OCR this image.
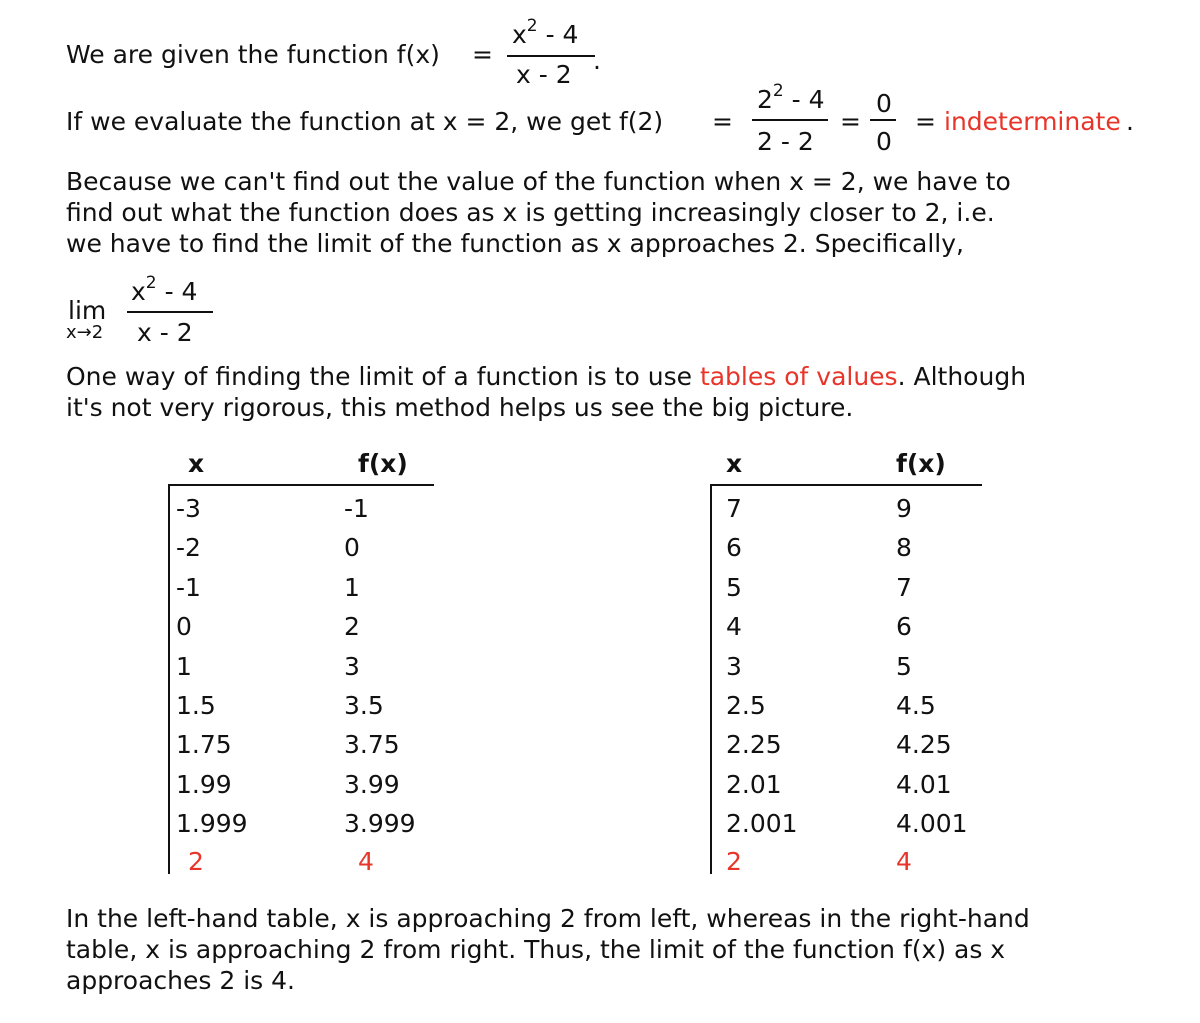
We are given the function f(x) =
$x^2 - 4$
x - 2 .
If we evaluate the function at x = 2, we get f(2) =
$2^2 - 4$
2 - 2
=
0
0
= indeterminate .
Because we can't find out the value of the function when x = 2, we have to
find out what the function does as x is getting increasingly closer to 2, i.e.
we have to find the limit of the function as x approaches 2. Specifically,
lim
x→2
$x^2 - 4$
x - 2
One way of finding the limit of a function is to use tables of values. Although
it's not very rigorous, this method helps us see the big picture.
x	f(x)
-3	-1
-2	0
-1	1
0	2
1	3
1.5	3.5
1.75	3.75
1.99	3.99
1.999	3.999
2	4
x	f(x)
7	9
6	8
5	7
4	6
3	5
2.5	4.5
2.25	4.25
2.01	4.01
2.001	4.001
2	4
In the left-hand table, x is approaching 2 from left, whereas in the right-hand
table, x is approaching 2 from right. Thus, the limit of the function f(x) as x
approaches 2 is 4.
